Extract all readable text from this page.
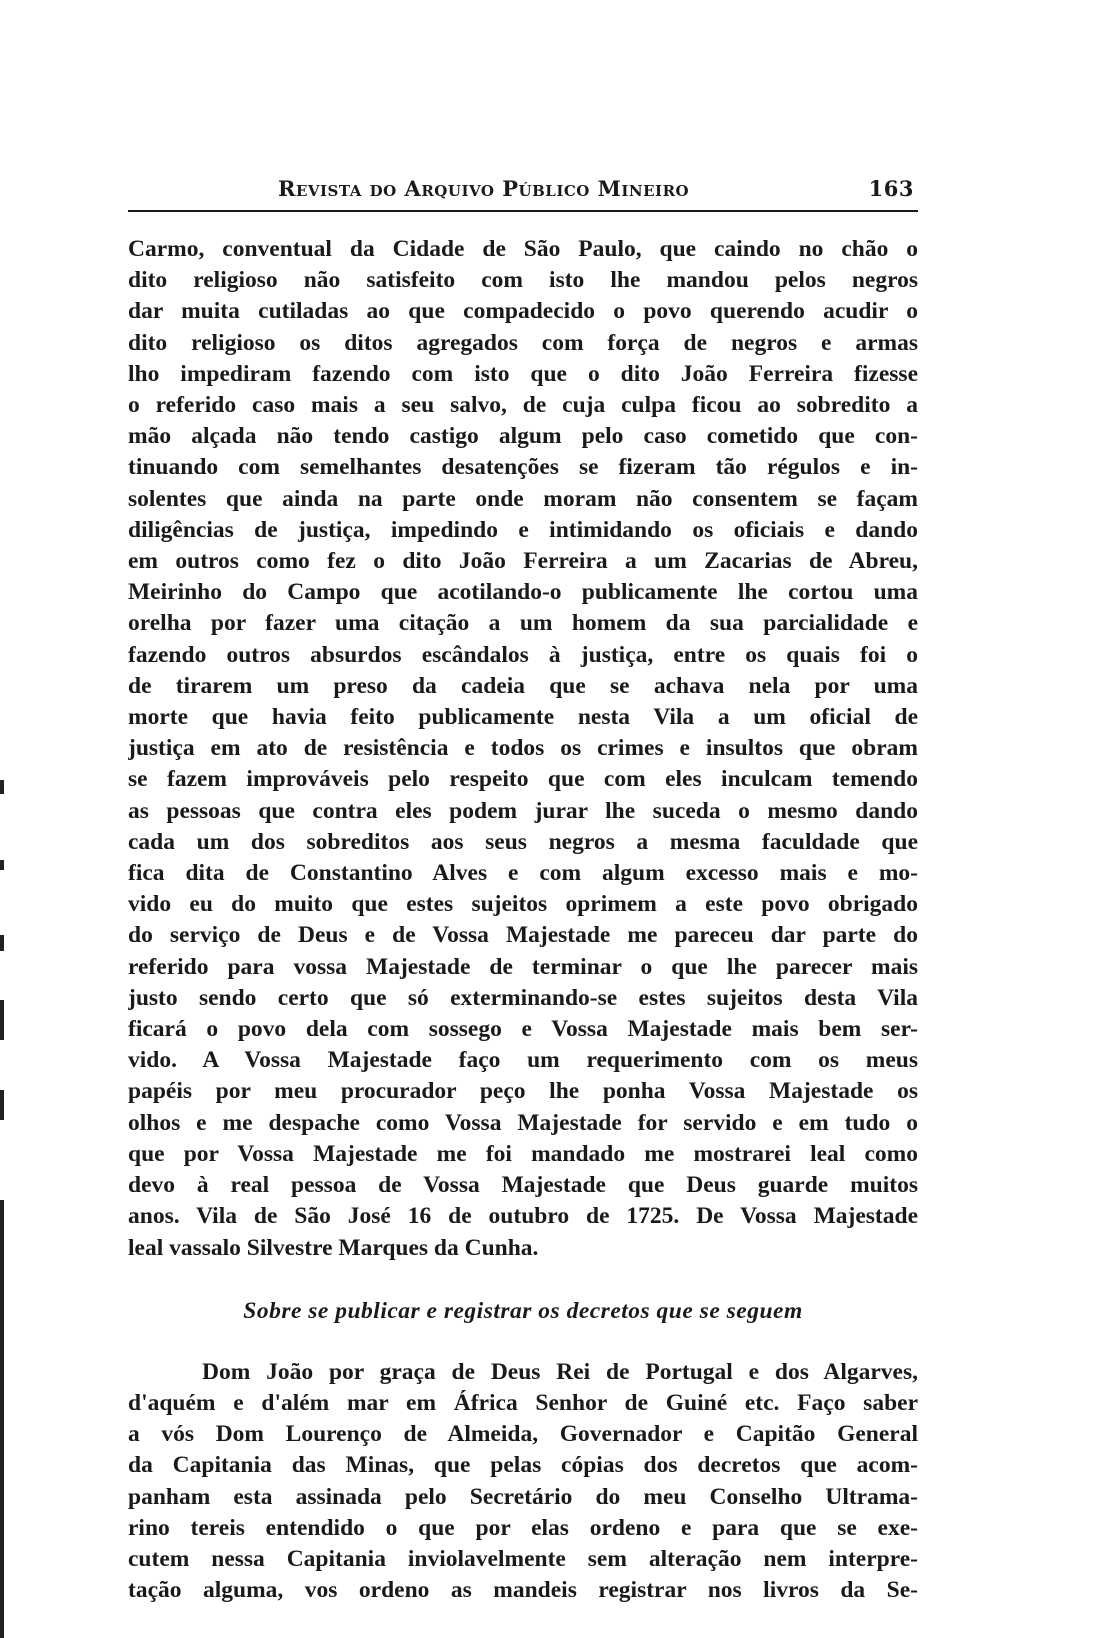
Revista do Arquivo Público Mineiro	163

Carmo, conventual da Cidade de São Paulo, que caindo no chão o
dito religioso não satisfeito com isto lhe mandou pelos negros
dar muita cutiladas ao que compadecido o povo querendo acudir o
dito religioso os ditos agregados com força de negros e armas
lho impediram fazendo com isto que o dito João Ferreira fizesse
o referido caso mais a seu salvo, de cuja culpa ficou ao sobredito a
mão alçada não tendo castigo algum pelo caso cometido que con-
tinuando com semelhantes desatenções se fizeram tão régulos e in-
solentes que ainda na parte onde moram não consentem se façam
diligências de justiça, impedindo e intimidando os oficiais e dando
em outros como fez o dito João Ferreira a um Zacarias de Abreu,
Meirinho do Campo que acotilando-o publicamente lhe cortou uma
orelha por fazer uma citação a um homem da sua parcialidade e
fazendo outros absurdos escândalos à justiça, entre os quais foi o
de tirarem um preso da cadeia que se achava nela por uma
morte que havia feito publicamente nesta Vila a um oficial de
justiça em ato de resistência e todos os crimes e insultos que obram
se fazem improváveis pelo respeito que com eles inculcam temendo
as pessoas que contra eles podem jurar lhe suceda o mesmo dando
cada um dos sobreditos aos seus negros a mesma faculdade que
fica dita de Constantino Alves e com algum excesso mais e mo-
vido eu do muito que estes sujeitos oprimem a este povo obrigado
do serviço de Deus e de Vossa Majestade me pareceu dar parte do
referido para vossa Majestade de terminar o que lhe parecer mais
justo sendo certo que só exterminando-se estes sujeitos desta Vila
ficará o povo dela com sossego e Vossa Majestade mais bem ser-
vido. A Vossa Majestade faço um requerimento com os meus
papéis por meu procurador peço lhe ponha Vossa Majestade os
olhos e me despache como Vossa Majestade for servido e em tudo o
que por Vossa Majestade me foi mandado me mostrarei leal como
devo à real pessoa de Vossa Majestade que Deus guarde muitos
anos. Vila de São José 16 de outubro de 1725. De Vossa Majestade
leal vassalo Silvestre Marques da Cunha.

Sobre se publicar e registrar os decretos que se seguem

Dom João por graça de Deus Rei de Portugal e dos Algarves,
d'aquém e d'além mar em África Senhor de Guiné etc. Faço saber
a vós Dom Lourenço de Almeida, Governador e Capitão General
da Capitania das Minas, que pelas cópias dos decretos que acom-
panham esta assinada pelo Secretário do meu Conselho Ultrama-
rino tereis entendido o que por elas ordeno e para que se exe-
cutem nessa Capitania inviolavelmente sem alteração nem interpre-
tação alguma, vos ordeno as mandeis registrar nos livros da Se-
